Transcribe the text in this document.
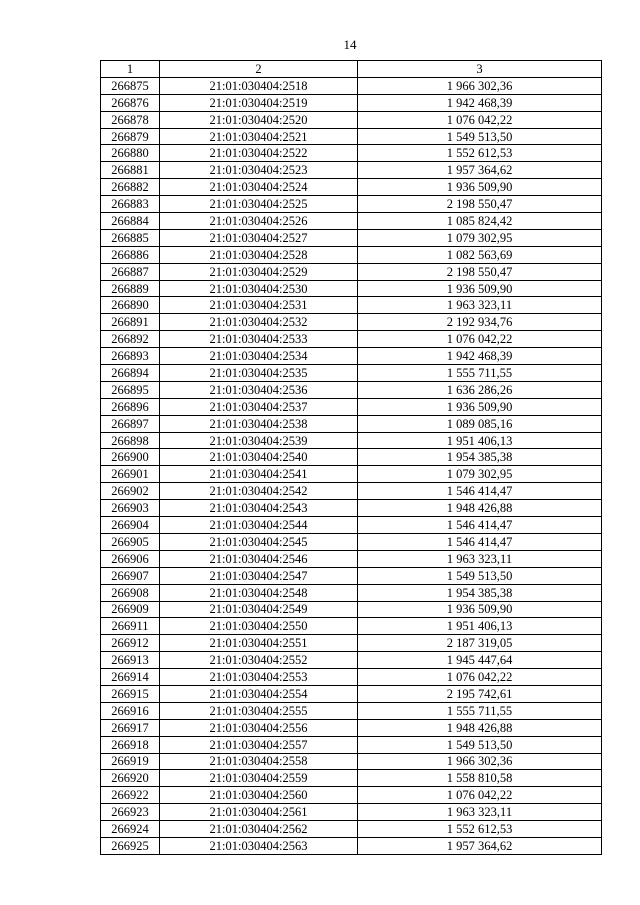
14
1	2	3
266875	21:01:030404:2518	1 966 302,36
266876	21:01:030404:2519	1 942 468,39
266878	21:01:030404:2520	1 076 042,22
266879	21:01:030404:2521	1 549 513,50
266880	21:01:030404:2522	1 552 612,53
266881	21:01:030404:2523	1 957 364,62
266882	21:01:030404:2524	1 936 509,90
266883	21:01:030404:2525	2 198 550,47
266884	21:01:030404:2526	1 085 824,42
266885	21:01:030404:2527	1 079 302,95
266886	21:01:030404:2528	1 082 563,69
266887	21:01:030404:2529	2 198 550,47
266889	21:01:030404:2530	1 936 509,90
266890	21:01:030404:2531	1 963 323,11
266891	21:01:030404:2532	2 192 934,76
266892	21:01:030404:2533	1 076 042,22
266893	21:01:030404:2534	1 942 468,39
266894	21:01:030404:2535	1 555 711,55
266895	21:01:030404:2536	1 636 286,26
266896	21:01:030404:2537	1 936 509,90
266897	21:01:030404:2538	1 089 085,16
266898	21:01:030404:2539	1 951 406,13
266900	21:01:030404:2540	1 954 385,38
266901	21:01:030404:2541	1 079 302,95
266902	21:01:030404:2542	1 546 414,47
266903	21:01:030404:2543	1 948 426,88
266904	21:01:030404:2544	1 546 414,47
266905	21:01:030404:2545	1 546 414,47
266906	21:01:030404:2546	1 963 323,11
266907	21:01:030404:2547	1 549 513,50
266908	21:01:030404:2548	1 954 385,38
266909	21:01:030404:2549	1 936 509,90
266911	21:01:030404:2550	1 951 406,13
266912	21:01:030404:2551	2 187 319,05
266913	21:01:030404:2552	1 945 447,64
266914	21:01:030404:2553	1 076 042,22
266915	21:01:030404:2554	2 195 742,61
266916	21:01:030404:2555	1 555 711,55
266917	21:01:030404:2556	1 948 426,88
266918	21:01:030404:2557	1 549 513,50
266919	21:01:030404:2558	1 966 302,36
266920	21:01:030404:2559	1 558 810,58
266922	21:01:030404:2560	1 076 042,22
266923	21:01:030404:2561	1 963 323,11
266924	21:01:030404:2562	1 552 612,53
266925	21:01:030404:2563	1 957 364,62
